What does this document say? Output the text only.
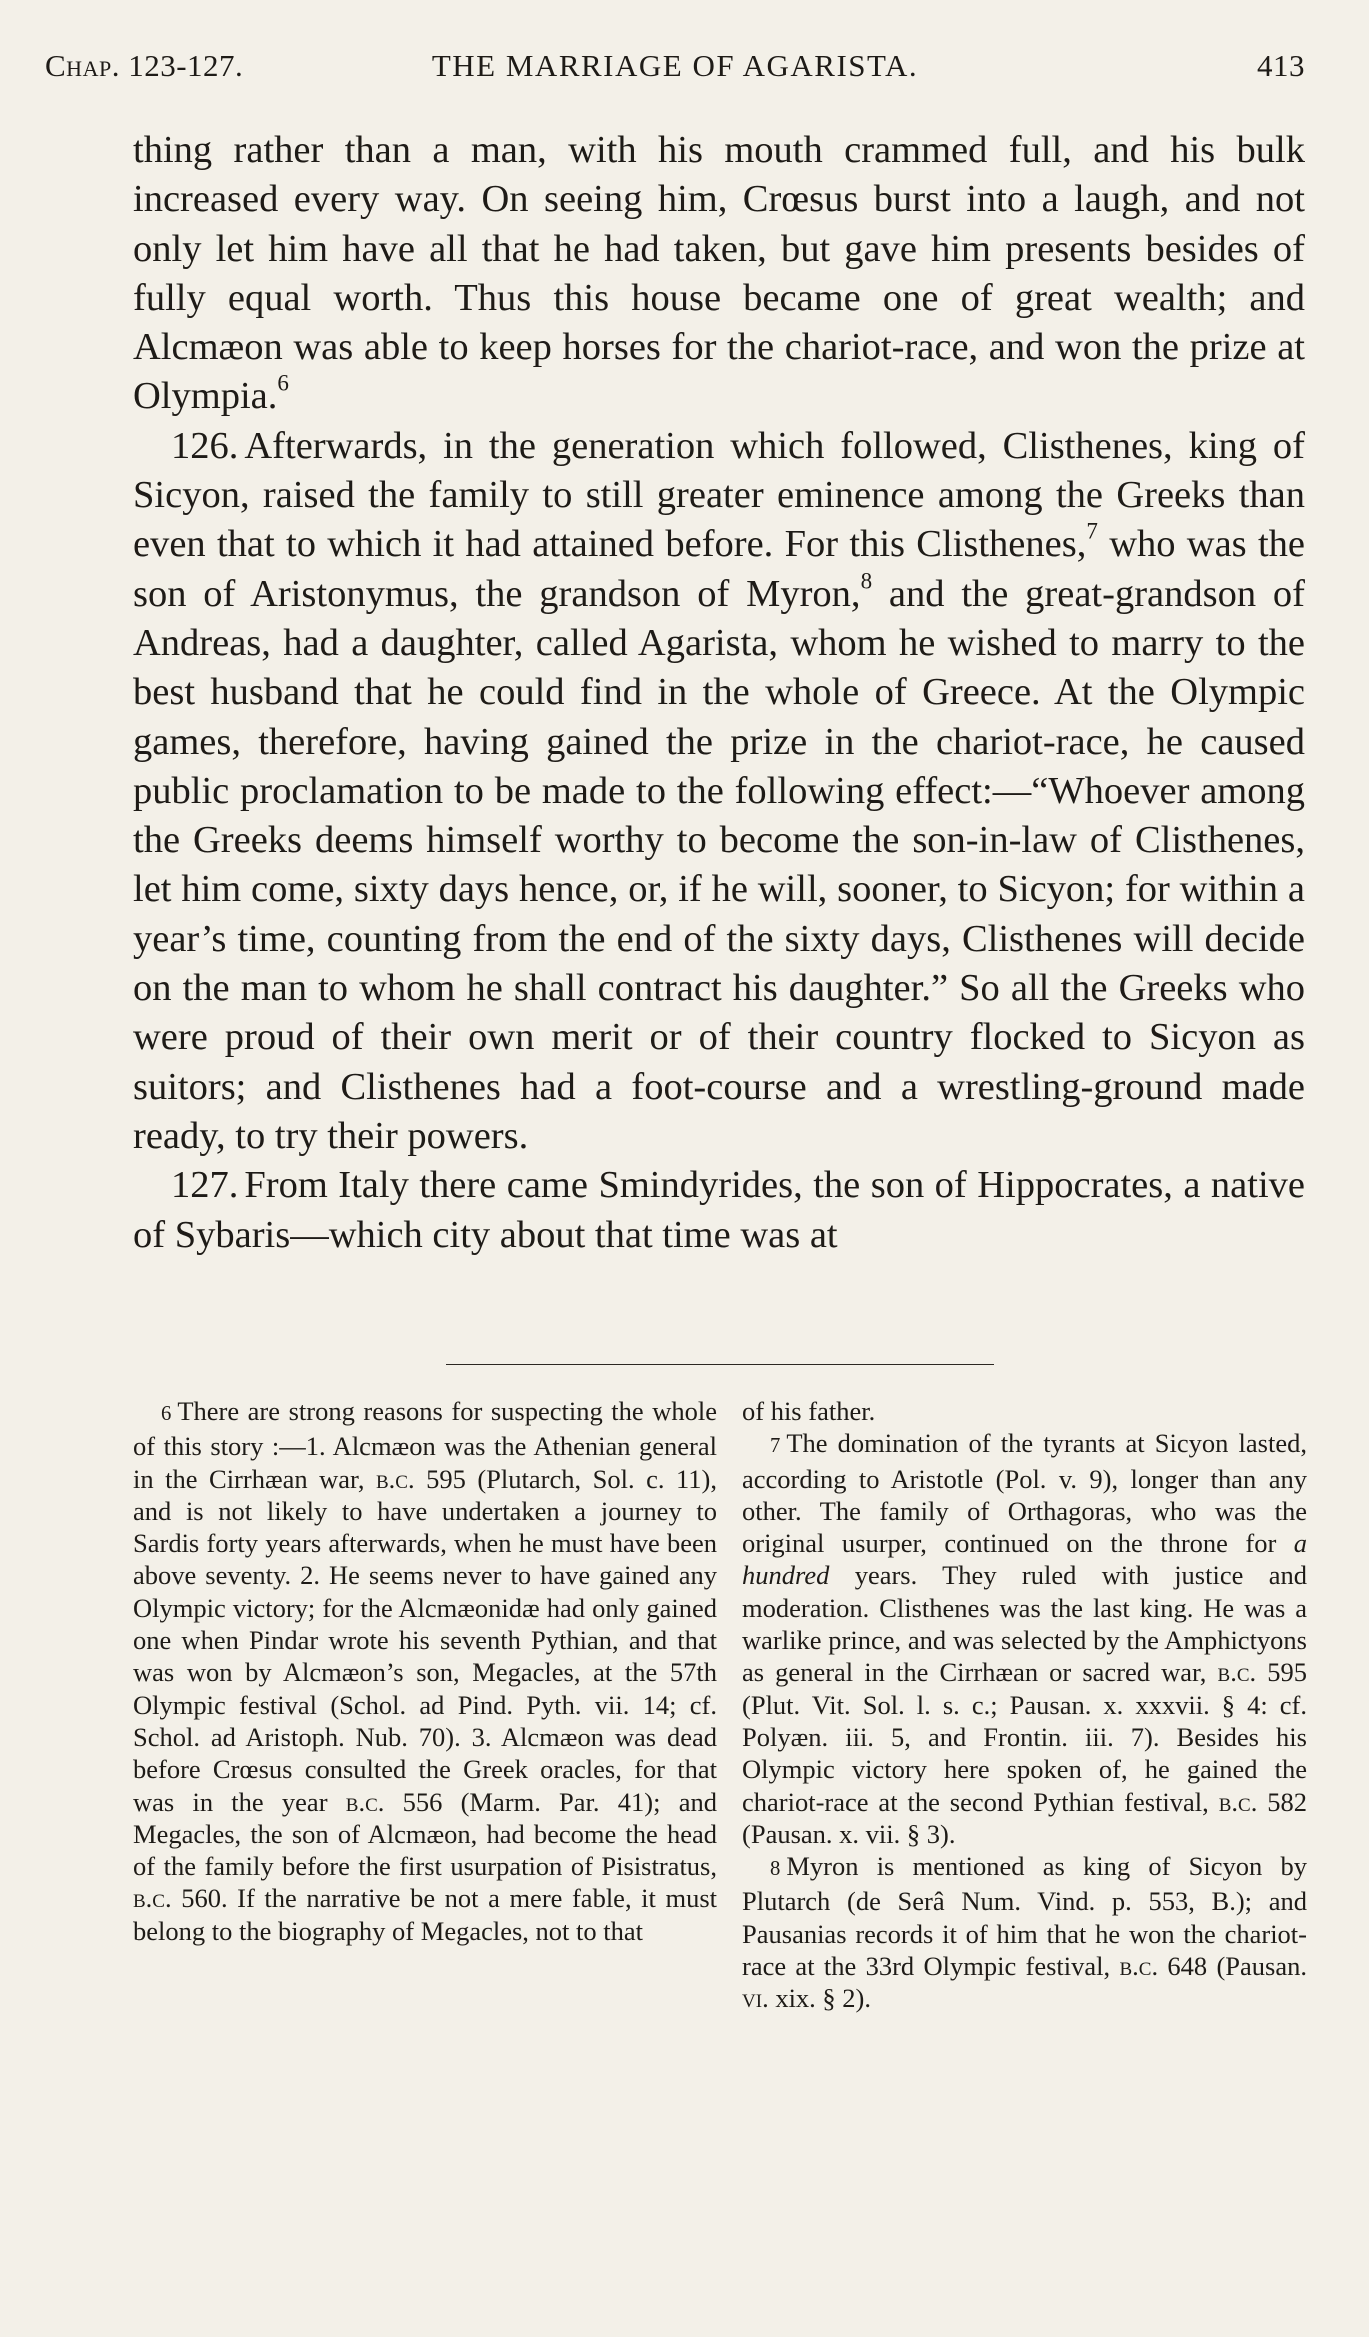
Chap. 123-127.	THE MARRIAGE OF AGARISTA.	413

thing rather than a man, with his mouth crammed full, and his bulk increased every way. On seeing him, Crœsus burst into a laugh, and not only let him have all that he had taken, but gave him presents besides of fully equal worth. Thus this house became one of great wealth; and Alcmæon was able to keep horses for the chariot-race, and won the prize at Olympia.$^6$

126. Afterwards, in the generation which followed, Clisthenes, king of Sicyon, raised the family to still greater eminence among the Greeks than even that to which it had attained before. For this Clisthenes,$^7$ who was the son of Aristonymus, the grandson of Myron,$^8$ and the great-grandson of Andreas, had a daughter, called Agarista, whom he wished to marry to the best husband that he could find in the whole of Greece. At the Olympic games, therefore, having gained the prize in the chariot-race, he caused public proclamation to be made to the following effect:—“Whoever among the Greeks deems himself worthy to become the son-in-law of Clisthenes, let him come, sixty days hence, or, if he will, sooner, to Sicyon; for within a year’s time, counting from the end of the sixty days, Clisthenes will decide on the man to whom he shall contract his daughter.” So all the Greeks who were proud of their own merit or of their country flocked to Sicyon as suitors; and Clisthenes had a foot-course and a wrestling-ground made ready, to try their powers.

127. From Italy there came Smindyrides, the son of Hippocrates, a native of Sybaris—which city about that time was at

6 There are strong reasons for suspecting the whole of this story :—1. Alcmæon was the Athenian general in the Cirrhæan war, b.c. 595 (Plutarch, Sol. c. 11), and is not likely to have undertaken a journey to Sardis forty years afterwards, when he must have been above seventy. 2. He seems never to have gained any Olympic victory; for the Alcmæonidæ had only gained one when Pindar wrote his seventh Pythian, and that was won by Alcmæon’s son, Megacles, at the 57th Olympic festival (Schol. ad Pind. Pyth. vii. 14; cf. Schol. ad Aristoph. Nub. 70). 3. Alcmæon was dead before Crœsus consulted the Greek oracles, for that was in the year b.c. 556 (Marm. Par. 41); and Megacles, the son of Alcmæon, had become the head of the family before the first usurpation of Pisistratus, b.c. 560. If the narrative be not a mere fable, it must belong to the biography of Megacles, not to that

of his father.

7 The domination of the tyrants at Sicyon lasted, according to Aristotle (Pol. v. 9), longer than any other. The family of Orthagoras, who was the original usurper, continued on the throne for a hundred years. They ruled with justice and moderation. Clisthenes was the last king. He was a warlike prince, and was selected by the Amphictyons as general in the Cirrhæan or sacred war, b.c. 595 (Plut. Vit. Sol. l. s. c.; Pausan. x. xxxvii. § 4: cf. Polyæn. iii. 5, and Frontin. iii. 7). Besides his Olympic victory here spoken of, he gained the chariot-race at the second Pythian festival, b.c. 582 (Pausan. x. vii. § 3).

8 Myron is mentioned as king of Sicyon by Plutarch (de Serâ Num. Vind. p. 553, B.); and Pausanias records it of him that he won the chariot-race at the 33rd Olympic festival, b.c. 648 (Pausan. vi. xix. § 2).
